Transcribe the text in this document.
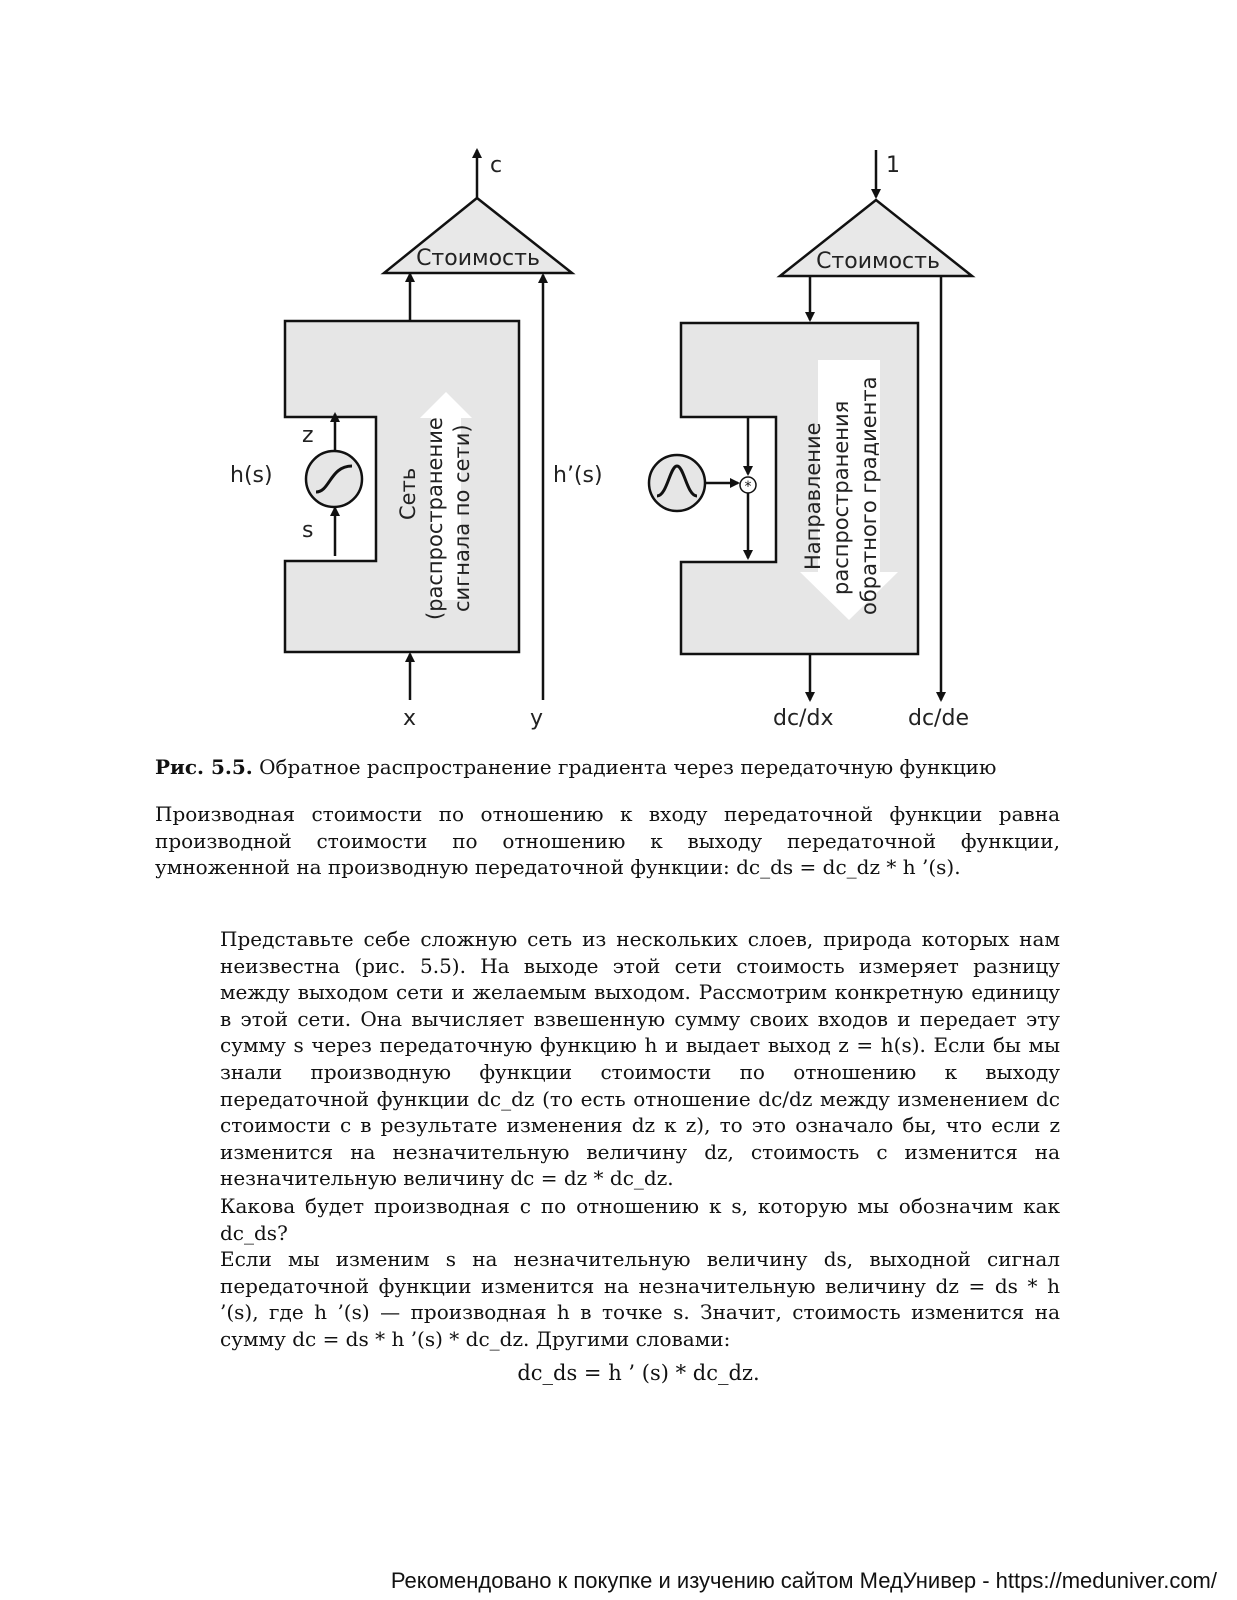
c
Стоимость
x	y
h’(s)
h(s)
z
s
Сеть (распространение сигнала по сети)
1
Стоимость
dc/de
dc/dx
* Направление распространения обратного градиента
Рис. 5.5. Обратное распространение градиента через передаточную функцию

Производная стоимости по отношению к входу передаточной функции равна производной стоимости по отношению к выходу передаточной функции, умноженной на производную передаточной функции: dc_ds = dc_dz * h ’(s).

Представьте себе сложную сеть из нескольких слоев, природа которых нам неизвестна (рис. 5.5). На выходе этой сети стоимость измеряет разницу между выходом сети и желаемым выходом. Рассмотрим конкретную единицу в этой сети. Она вычисляет взвешенную сумму своих входов и передает эту сумму s через передаточную функцию h и выдает выход z = h(s). Если бы мы знали производную функции стоимости по отношению к выходу передаточной функции dc_dz (то есть отношение dc/dz между изменением dc стоимости с в результате изменения dz к z), то это означало бы, что если z изменится на незначительную величину dz, стоимость c изменится на незначительную величину dc = dz * dc_dz.

Какова будет производная c по отношению к s, которую мы обозначим как dc_ds?
Если мы изменим s на незначительную величину ds, выходной сигнал передаточной функции изменится на незначительную величину dz = ds * h ’(s), где h ’(s) — производная h в точке s. Значит, стоимость изменится на сумму dc = ds * h ’(s) * dc_dz. Другими словами:
dc_ds = h ’ (s) * dc_dz.
Рекомендовано к покупке и изучению сайтом МедУнивер - https://meduniver.com/
